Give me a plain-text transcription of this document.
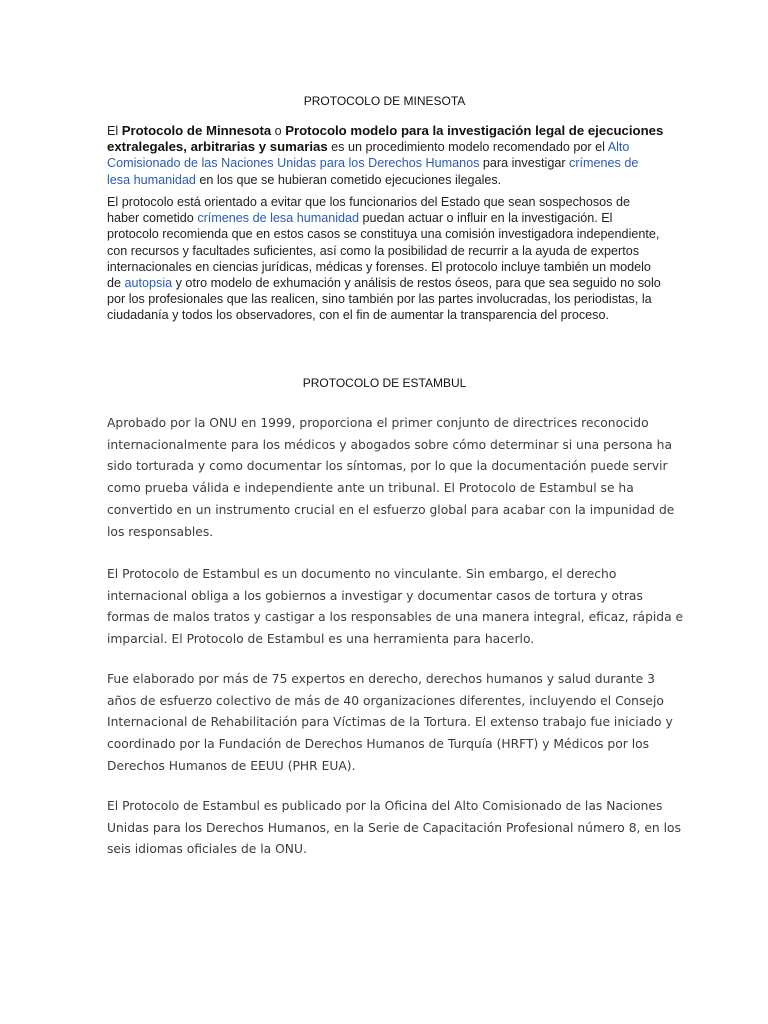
PROTOCOLO DE MINESOTA

El Protocolo de Minnesota o Protocolo modelo para la investigación legal de ejecuciones extralegales, arbitrarias y sumarias es un procedimiento modelo recomendado por el Alto Comisionado de las Naciones Unidas para los Derechos Humanos para investigar crímenes de lesa humanidad en los que se hubieran cometido ejecuciones ilegales.

El protocolo está orientado a evitar que los funcionarios del Estado que sean sospechosos de haber cometido crímenes de lesa humanidad puedan actuar o influir en la investigación. El protocolo recomienda que en estos casos se constituya una comisión investigadora independiente, con recursos y facultades suficientes, así como la posibilidad de recurrir a la ayuda de expertos internacionales en ciencias jurídicas, médicas y forenses. El protocolo incluye también un modelo de autopsia y otro modelo de exhumación y análisis de restos óseos, para que sea seguido no solo por los profesionales que las realicen, sino también por las partes involucradas, los periodistas, la ciudadanía y todos los observadores, con el fin de aumentar la transparencia del proceso.

PROTOCOLO DE ESTAMBUL

Aprobado por la ONU en 1999, proporciona el primer conjunto de directrices reconocido internacionalmente para los médicos y abogados sobre cómo determinar si una persona ha sido torturada y como documentar los síntomas, por lo que la documentación puede servir como prueba válida e independiente ante un tribunal. El Protocolo de Estambul se ha convertido en un instrumento crucial en el esfuerzo global para acabar con la impunidad de los responsables.

El Protocolo de Estambul es un documento no vinculante. Sin embargo, el derecho internacional obliga a los gobiernos a investigar y documentar casos de tortura y otras formas de malos tratos y castigar a los responsables de una manera integral, eficaz, rápida e imparcial. El Protocolo de Estambul es una herramienta para hacerlo.

Fue elaborado por más de 75 expertos en derecho, derechos humanos y salud durante 3 años de esfuerzo colectivo de más de 40 organizaciones diferentes, incluyendo el Consejo Internacional de Rehabilitación para Víctimas de la Tortura. El extenso trabajo fue iniciado y coordinado por la Fundación de Derechos Humanos de Turquía (HRFT) y Médicos por los Derechos Humanos de EEUU (PHR EUA).

El Protocolo de Estambul es publicado por la Oficina del Alto Comisionado de las Naciones Unidas para los Derechos Humanos, en la Serie de Capacitación Profesional número 8, en los seis idiomas oficiales de la ONU.
